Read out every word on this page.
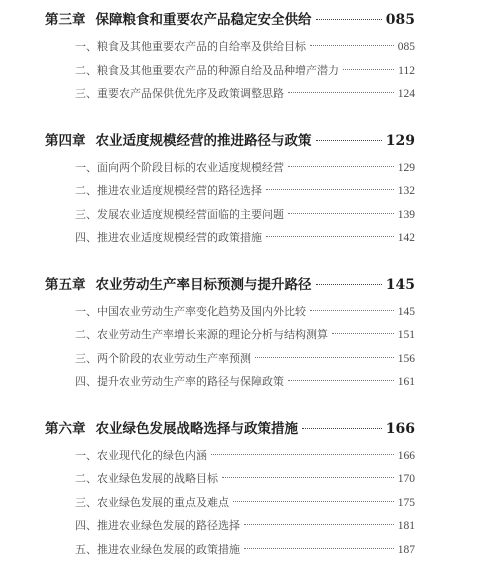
第三章 保障粮食和重要农产品稳定安全供给	085
一、 粮食及其他重要农产品的自给率及供给目标	085
二、 粮食及其他重要农产品的种源自给及品种增产潜力	112
三、 重要农产品保供优先序及政策调整思路	124
第四章 农业适度规模经营的推进路径与政策	129
一、 面向两个阶段目标的农业适度规模经营	129
二、 推进农业适度规模经营的路径选择	132
三、 发展农业适度规模经营面临的主要问题	139
四、 推进农业适度规模经营的政策措施	142
第五章 农业劳动生产率目标预测与提升路径	145
一、 中国农业劳动生产率变化趋势及国内外比较	145
二、 农业劳动生产率增长来源的理论分析与结构测算	151
三、 两个阶段的农业劳动生产率预测	156
四、 提升农业劳动生产率的路径与保障政策	161
第六章 农业绿色发展战略选择与政策措施	166
一、 农业现代化的绿色内涵	166
二、 农业绿色发展的战略目标	170
三、 农业绿色发展的重点及难点	175
四、 推进农业绿色发展的路径选择	181
五、 推进农业绿色发展的政策措施	187
